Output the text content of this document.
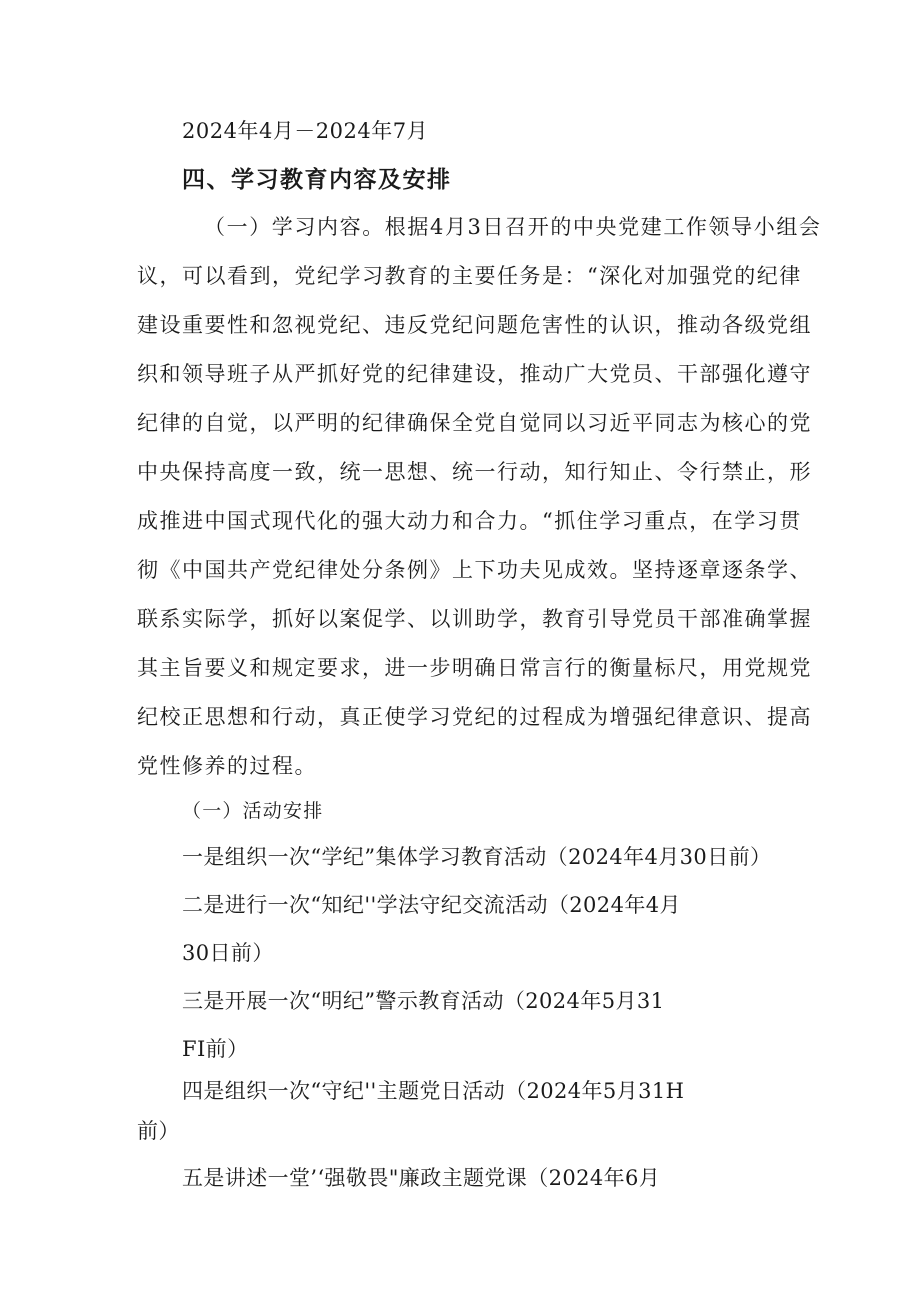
2024年4月－2024年7月
四、学习教育内容及安排
（一）学习内容。根据4月3日召开的中央党建工作领导小组会
议，可以看到，党纪学习教育的主要任务是：“深化对加强党的纪律
建设重要性和忽视党纪、违反党纪问题危害性的认识，推动各级党组
织和领导班子从严抓好党的纪律建设，推动广大党员、干部强化遵守
纪律的自觉，以严明的纪律确保全党自觉同以习近平同志为核心的党
中央保持高度一致，统一思想、统一行动，知行知止、令行禁止，形
成推进中国式现代化的强大动力和合力。“抓住学习重点，在学习贯
彻《中国共产党纪律处分条例》上下功夫见成效。坚持逐章逐条学、
联系实际学，抓好以案促学、以训助学，教育引导党员干部准确掌握
其主旨要义和规定要求，进一步明确日常言行的衡量标尺，用党规党
纪校正思想和行动，真正使学习党纪的过程成为增强纪律意识、提高
党性修养的过程。
（一）活动安排
一是组织一次“学纪”集体学习教育活动（2024年4月30日前）
二是进行一次“知纪''学法守纪交流活动（2024年4月
30日前）
三是开展一次“明纪”警示教育活动（2024年5月31
FI前）
四是组织一次“守纪''主题党日活动（2024年5月31H
前）
五是讲述一堂’‘强敬畏"廉政主题党课（2024年6月
